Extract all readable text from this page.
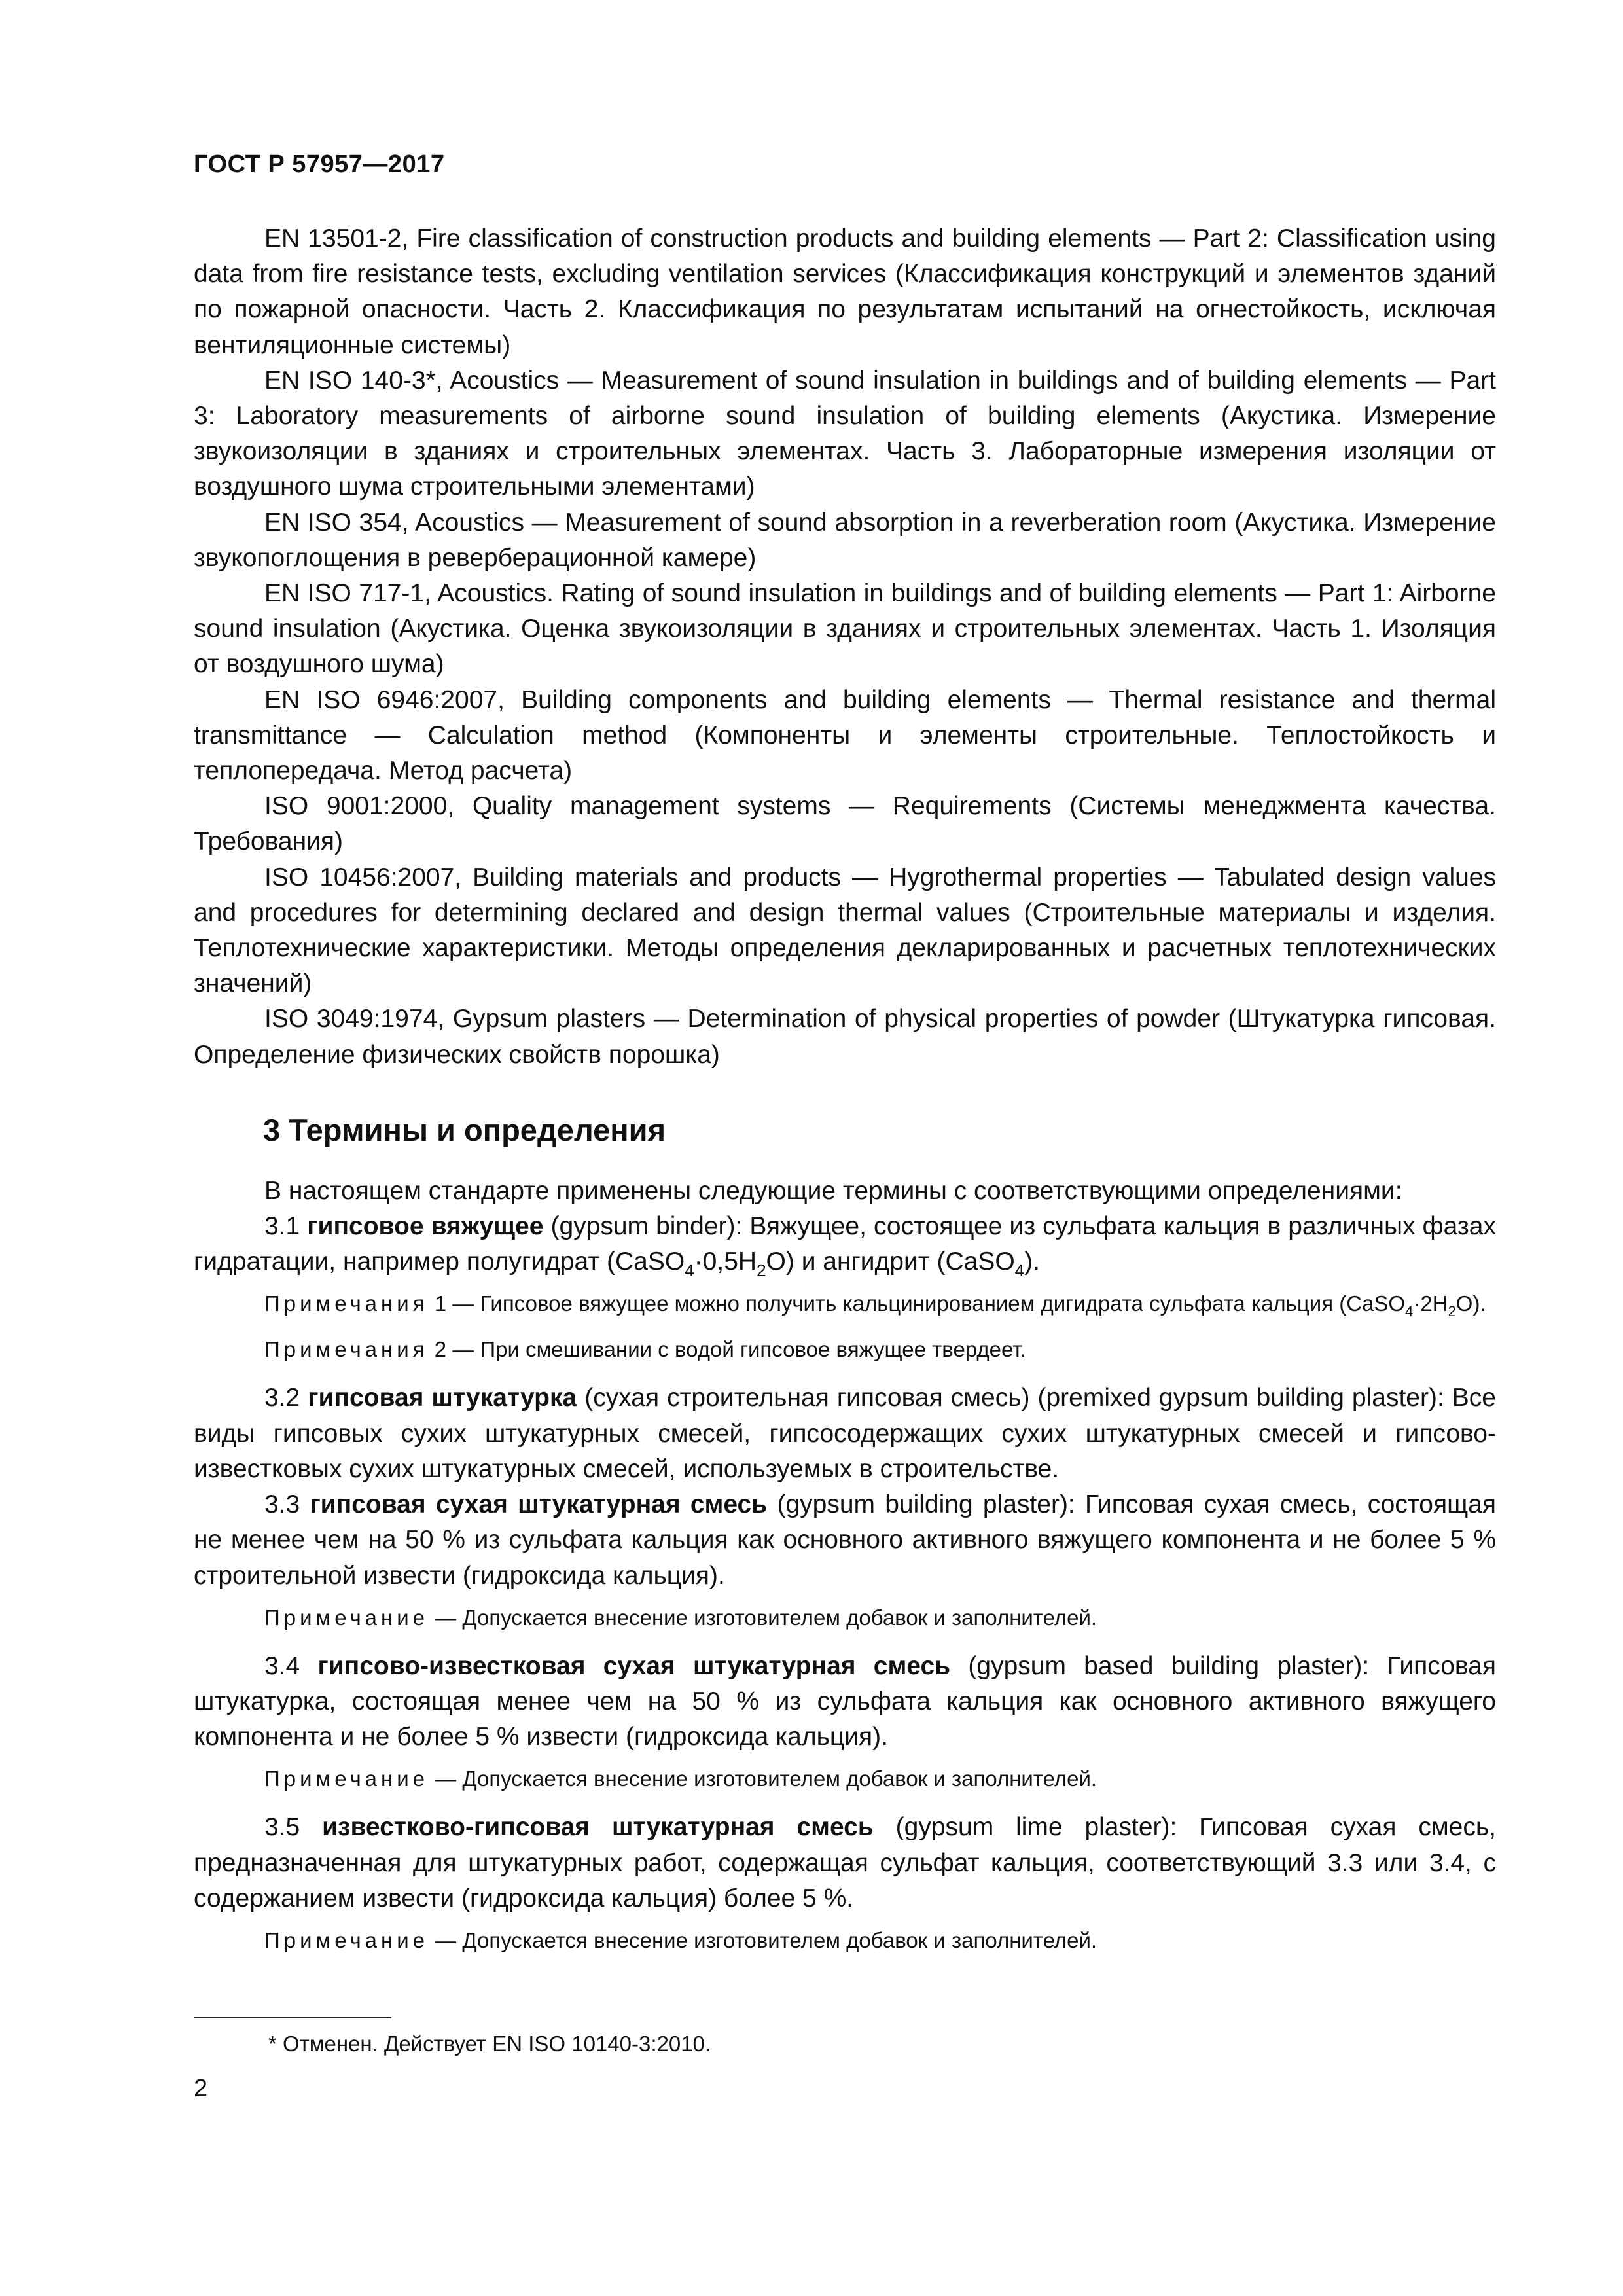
ГОСТ Р 57957—2017

EN 13501-2, Fire classification of construction products and building elements — Part 2: Classification using data from fire resistance tests, excluding ventilation services (Классификация конструкций и элементов зданий по пожарной опасности. Часть 2. Классификация по результатам испытаний на огнестойкость, исключая вентиляционные системы)

EN ISO 140-3*, Acoustics — Measurement of sound insulation in buildings and of building elements — Part 3: Laboratory measurements of airborne sound insulation of building elements (Акустика. Измерение звукоизоляции в зданиях и строительных элементах. Часть 3. Лабораторные измерения изоляции от воздушного шума строительными элементами)

EN ISO 354, Acoustics — Measurement of sound absorption in a reverberation room (Акустика. Измерение звукопоглощения в реверберационной камере)

EN ISO 717-1, Acoustics. Rating of sound insulation in buildings and of building elements — Part 1: Airborne sound insulation (Акустика. Оценка звукоизоляции в зданиях и строительных элементах. Часть 1. Изоляция от воздушного шума)

EN ISO 6946:2007, Building components and building elements — Thermal resistance and thermal transmittance — Calculation method (Компоненты и элементы строительные. Теплостойкость и теплопередача. Метод расчета)

ISO 9001:2000, Quality management systems — Requirements (Системы менеджмента качества. Требования)

ISO 10456:2007, Building materials and products — Hygrothermal properties — Tabulated design values and procedures for determining declared and design thermal values (Строительные материалы и изделия. Теплотехнические характеристики. Методы определения декларированных и расчетных теплотехнических значений)

ISO 3049:1974, Gypsum plasters — Determination of physical properties of powder (Штукатурка гипсовая. Определение физических свойств порошка)

3 Термины и определения

В настоящем стандарте применены следующие термины с соответствующими определениями:

3.1 гипсовое вяжущее (gypsum binder): Вяжущее, состоящее из сульфата кальция в различных фазах гидратации, например полугидрат $(CaSO_4\cdot 0,5H_2O)$ и ангидрит (CaSO$_4$).

Примечания 1 — Гипсовое вяжущее можно получить кальцинированием дигидрата сульфата кальция $(CaSO_4\cdot 2H_2O)$.

Примечания 2 — При смешивании с водой гипсовое вяжущее твердеет.

3.2 гипсовая штукатурка (сухая строительная гипсовая смесь) (premixed gypsum building plaster): Все виды гипсовых сухих штукатурных смесей, гипсосодержащих сухих штукатурных смесей и гипсово-известковых сухих штукатурных смесей, используемых в строительстве.

3.3 гипсовая сухая штукатурная смесь (gypsum building plaster): Гипсовая сухая смесь, состоящая не менее чем на 50 % из сульфата кальция как основного активного вяжущего компонента и не более 5 % строительной извести (гидроксида кальция).

Примечание — Допускается внесение изготовителем добавок и заполнителей.

3.4 гипсово-известковая сухая штукатурная смесь (gypsum based building plaster): Гипсовая штукатурка, состоящая менее чем на 50 % из сульфата кальция как основного активного вяжущего компонента и не более 5 % извести (гидроксида кальция).

Примечание — Допускается внесение изготовителем добавок и заполнителей.

3.5 известково-гипсовая штукатурная смесь (gypsum lime plaster): Гипсовая сухая смесь, предназначенная для штукатурных работ, содержащая сульфат кальция, соответствующий 3.3 или 3.4, с содержанием извести (гидроксида кальция) более 5 %.

Примечание — Допускается внесение изготовителем добавок и заполнителей.

* Отменен. Действует EN ISO 10140-3:2010.
2
